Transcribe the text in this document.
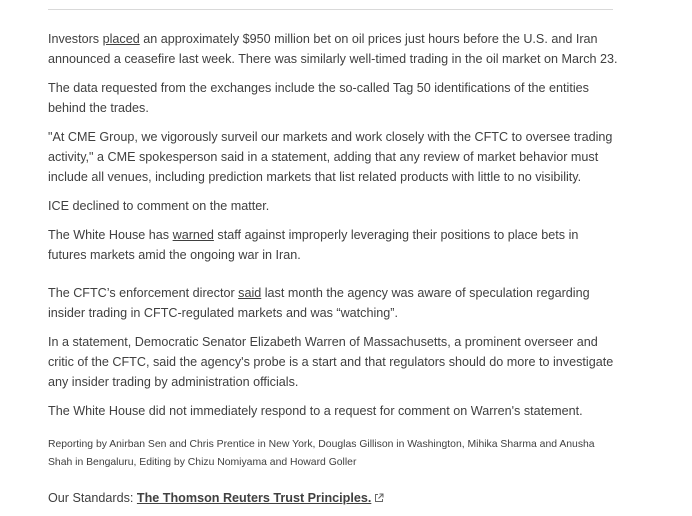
Investors placed an approximately $950 million bet on oil prices just hours before the U.S. and Iran announced a ceasefire last week. There was similarly well-timed trading in the oil market on March 23.

The data requested from the exchanges include the so-called Tag 50 identifications of the entities behind the trades.

"At CME Group, we vigorously surveil our markets and work closely with the CFTC to oversee trading activity," a CME spokesperson said in a statement, adding that any review of market behavior must include all venues, including prediction markets that list related products with little to no visibility.

ICE declined to comment on the matter.

The White House has warned staff against improperly leveraging their positions to place bets in futures markets amid the ongoing war in Iran.

The CFTC’s enforcement director said last month the agency was aware of speculation regarding insider trading in CFTC-regulated markets and was “watching”.

In a statement, Democratic Senator Elizabeth Warren of Massachusetts, a prominent overseer and critic of the CFTC, said the agency's probe is a start and that regulators should do more to investigate any insider trading by administration officials.

The White House did not immediately respond to a request for comment on Warren's statement.

Reporting by Anirban Sen and Chris Prentice in New York, Douglas Gillison in Washington, Mihika Sharma and Anusha Shah in Bengaluru, Editing by Chizu Nomiyama and Howard Goller

Our Standards: The Thomson Reuters Trust Principles.
